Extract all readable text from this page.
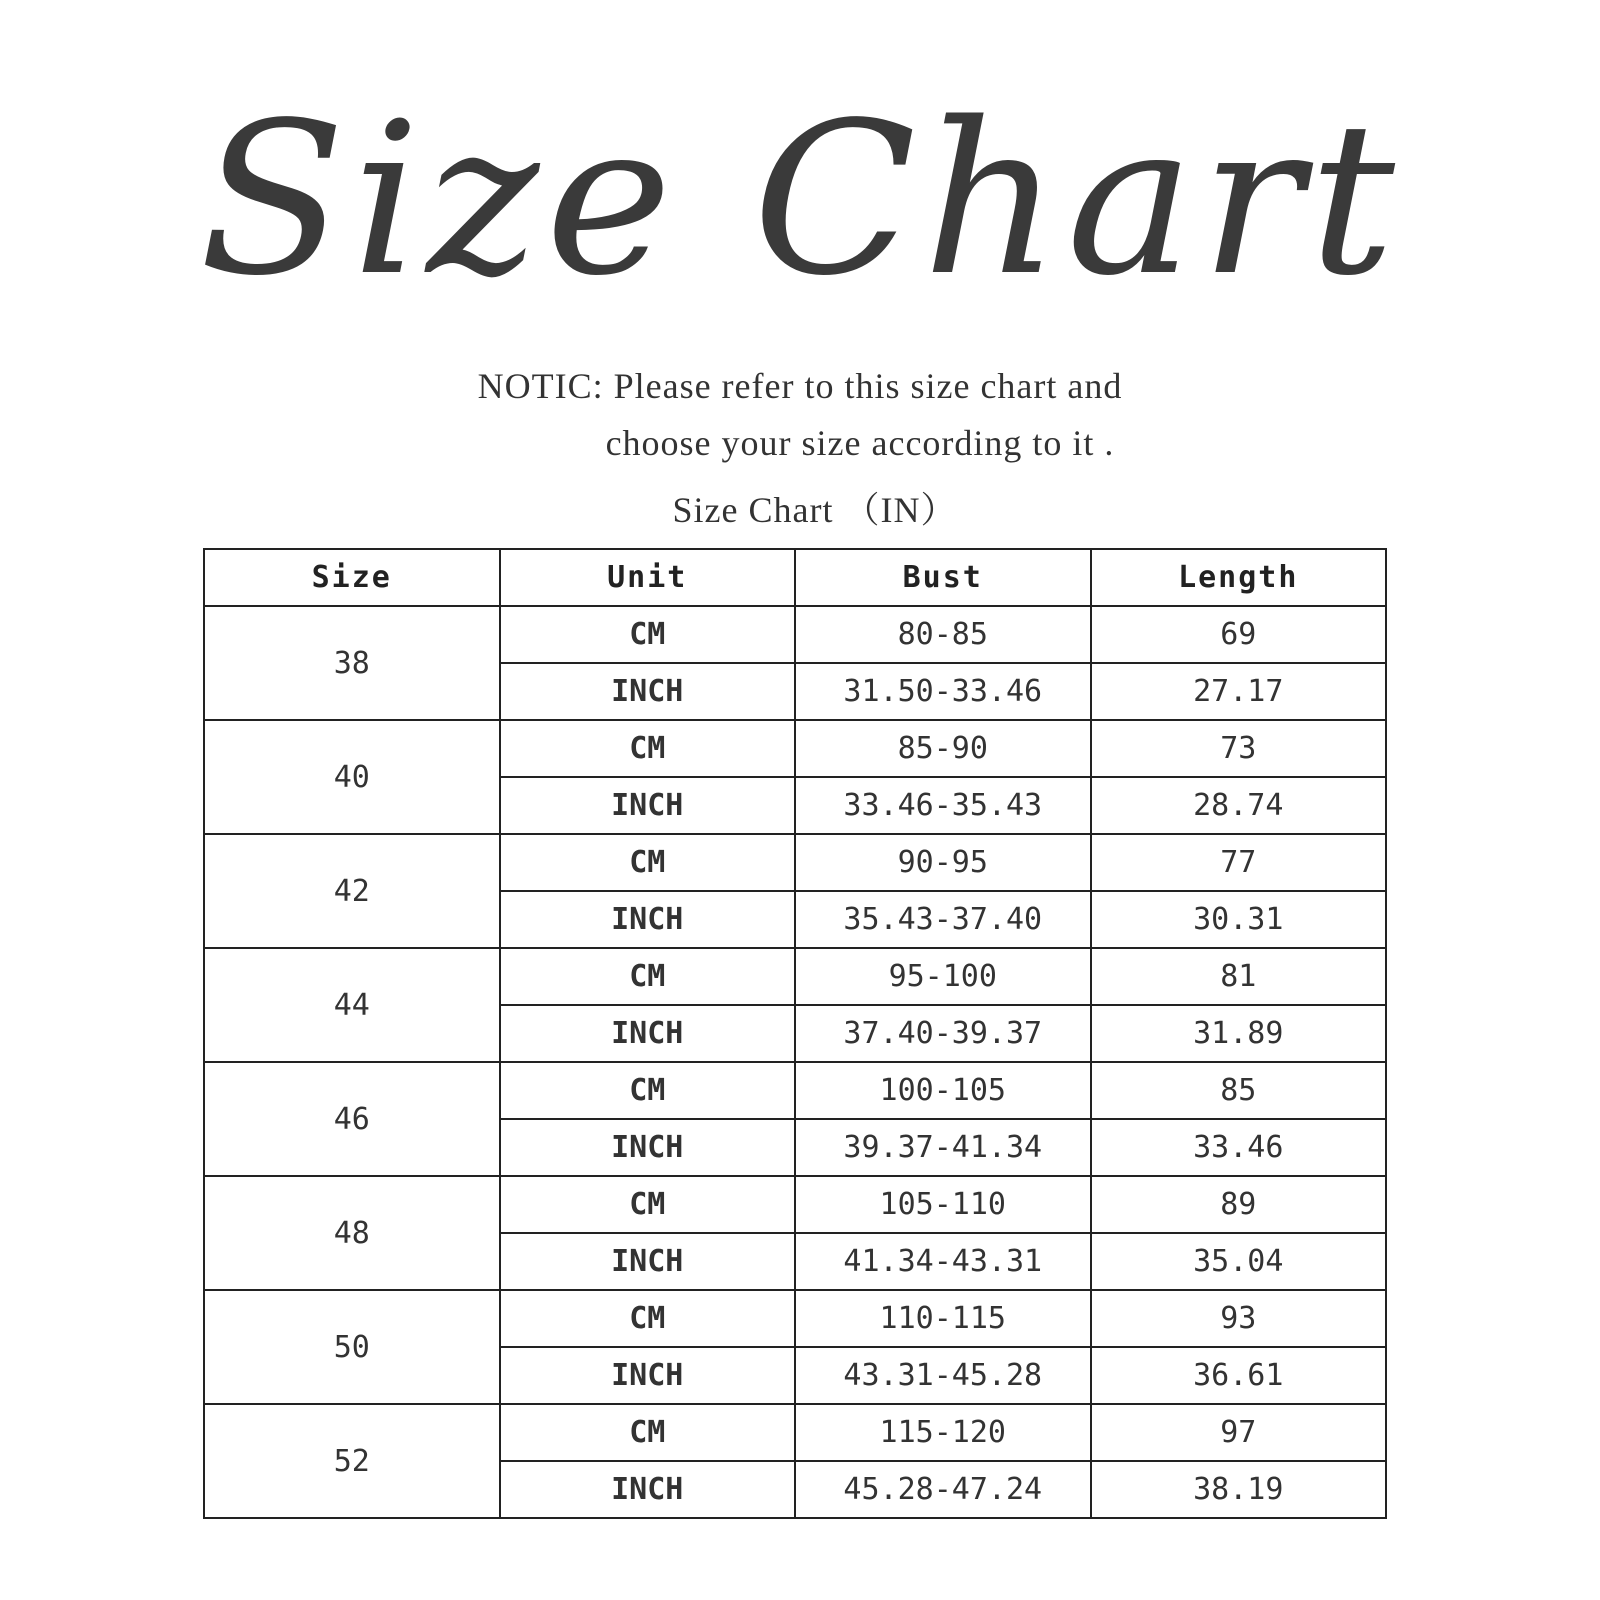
Size Chart
NOTIC: Please refer to this size chart and
choose your size according to it .
Size Chart （IN）
Size	Unit	Bust	Length
38	CM	80-85	69
	INCH	31.50-33.46	27.17
40	CM	85-90	73
	INCH	33.46-35.43	28.74
42	CM	90-95	77
	INCH	35.43-37.40	30.31
44	CM	95-100	81
	INCH	37.40-39.37	31.89
46	CM	100-105	85
	INCH	39.37-41.34	33.46
48	CM	105-110	89
	INCH	41.34-43.31	35.04
50	CM	110-115	93
	INCH	43.31-45.28	36.61
52	CM	115-120	97
	INCH	45.28-47.24	38.19
